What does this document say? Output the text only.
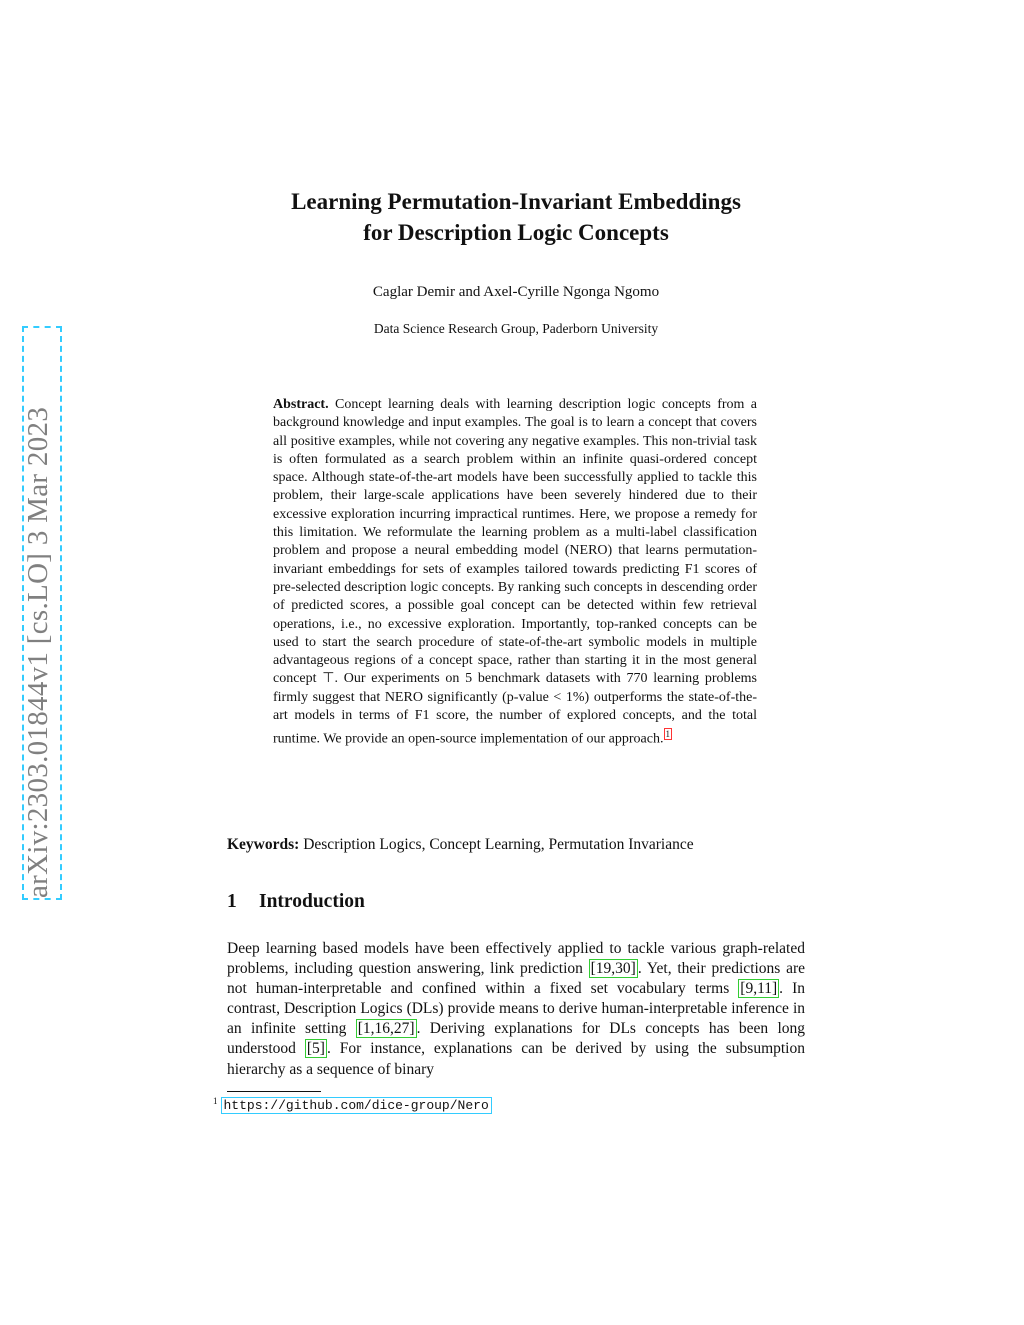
arXiv:2303.01844v1 [cs.LO] 3 Mar 2023
Learning Permutation-Invariant Embeddings
for Description Logic Concepts
Caglar Demir and Axel-Cyrille Ngonga Ngomo
Data Science Research Group, Paderborn University
Abstract. Concept learning deals with learning description logic concepts from a background knowledge and input examples. The goal is to learn a concept that covers all positive examples, while not covering any negative examples. This non-trivial task is often formulated as a search problem within an infinite quasi-ordered concept space. Although state-of-the-art models have been successfully applied to tackle this problem, their large-scale applications have been severely hindered due to their excessive exploration incurring impractical runtimes. Here, we propose a remedy for this limitation. We reformulate the learning problem as a multi-label classification problem and propose a neural embedding model (NERO) that learns permutation-invariant embeddings for sets of examples tailored towards predicting F1 scores of pre-selected description logic concepts. By ranking such concepts in descending order of predicted scores, a possible goal concept can be detected within few retrieval operations, i.e., no excessive exploration. Importantly, top-ranked concepts can be used to start the search procedure of state-of-the-art symbolic models in multiple advantageous regions of a concept space, rather than starting it in the most general concept ⊤. Our experiments on 5 benchmark datasets with 770 learning problems firmly suggest that NERO significantly (p-value < 1%) outperforms the state-of-the-art models in terms of F1 score, the number of explored concepts, and the total runtime. We provide an open-source implementation of our approach. $^1$
Keywords: Description Logics, Concept Learning, Permutation Invariance
1 Introduction
Deep learning based models have been effectively applied to tackle various graph-related problems, including question answering, link prediction [19,30] . Yet, their predictions are not human-interpretable and confined within a fixed set vocabulary terms [9,11] . In contrast, Description Logics (DLs) provide means to derive human-interpretable inference in an infinite setting [1,16,27] . Deriving explanations for DLs concepts has been long understood [5] . For instance, explanations can be derived by using the subsumption hierarchy as a sequence of binary
$^1$ https://github.com/dice-group/Nero
